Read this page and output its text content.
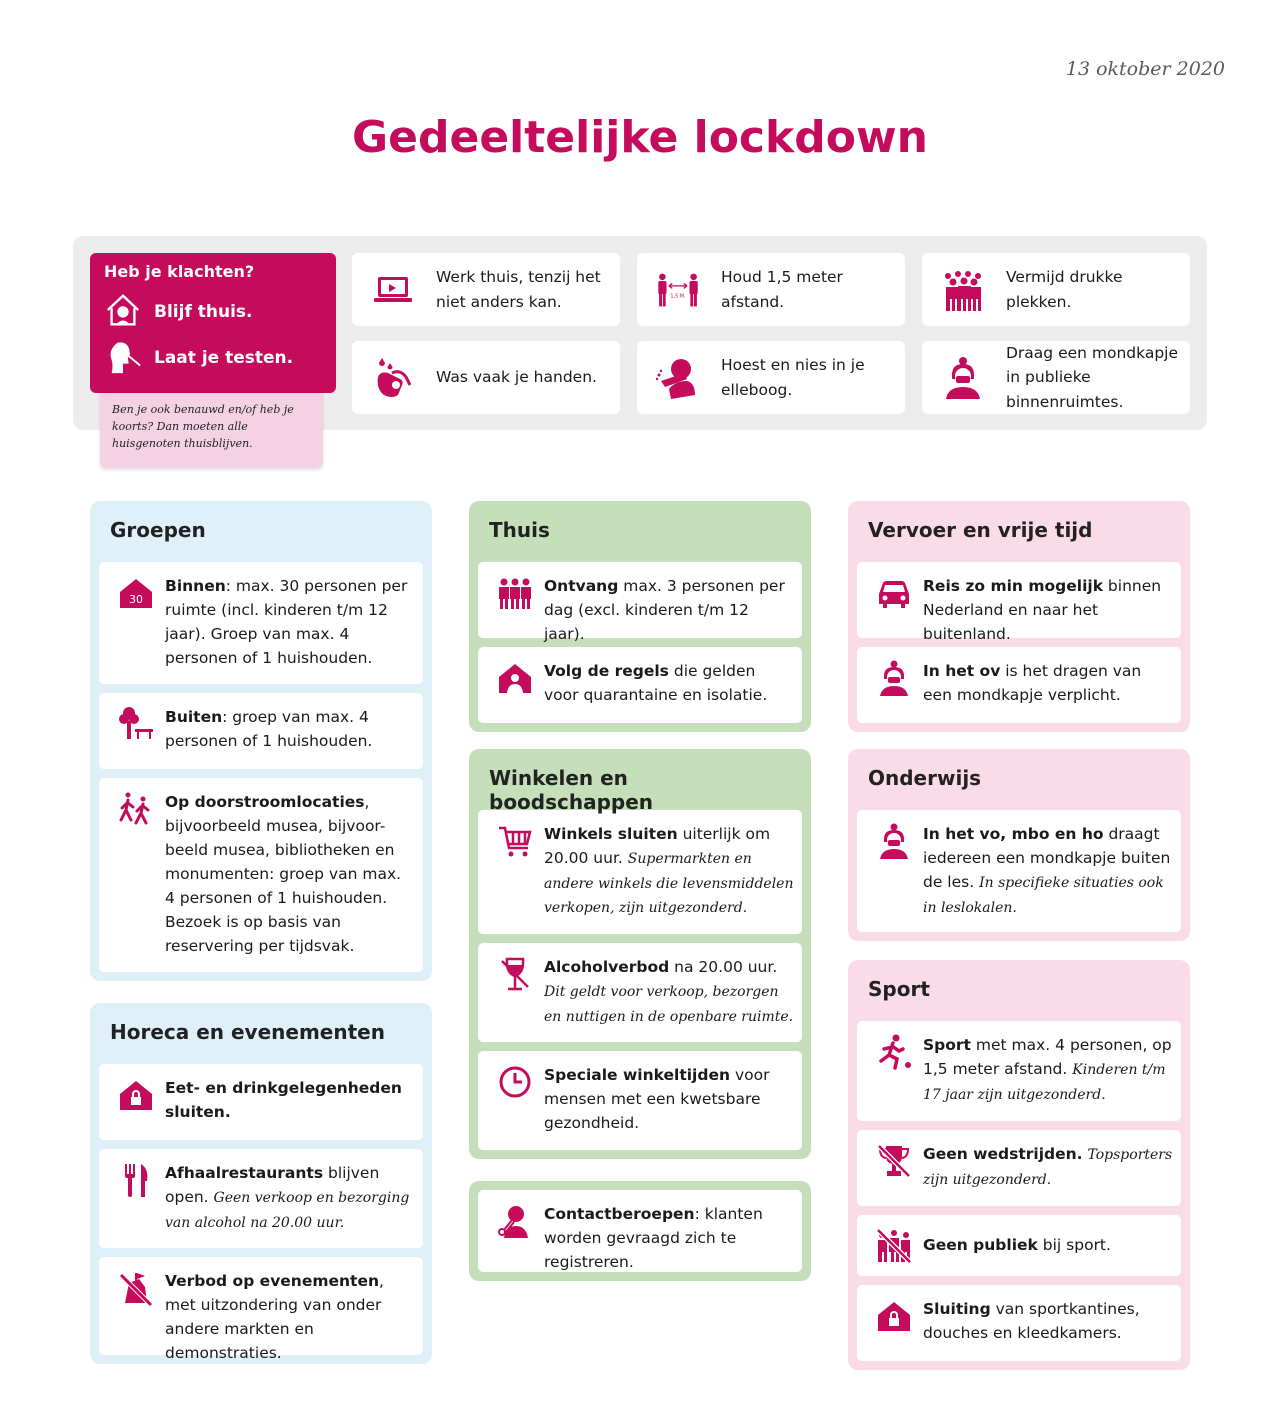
13 oktober 2020
Gedeeltelijke lockdown
Heb je klachten?
Blijf thuis.
Laat je testen.
Ben je ook benauwd en/of heb je koorts? Dan moeten alle huisgenoten thuisblijven.
Werk thuis, tenzij het niet anders kan.	1,5 M.
Houd 1,5 meter afstand.
Vermijd drukke plekken.
Was vaak je handen.
Hoest en nies in je elleboog.
Draag een mondkapje in publieke binnenruimtes.
Groepen
30
Binnen: max. 30 personen per ruimte (incl. kinderen t/m 12 jaar). Groep van max. 4 personen of 1 huishouden.
Buiten: groep van max. 4 personen of 1 huishouden.
Op doorstroomlocaties, bijvoorbeeld musea, bijvoor-beeld musea, bibliotheken en monumenten: groep van max. 4 personen of 1 huishouden. Bezoek is op basis van reservering per tijdsvak.
Horeca en evenementen
Eet- en drinkgelegenheden sluiten.
Afhaalrestaurants blijven open. Geen verkoop en bezorging van alcohol na 20.00 uur.
Verbod op evenementen, met uitzondering van onder andere markten en demonstraties.
Thuis
Ontvang max. 3 personen per dag (excl. kinderen t/m 12 jaar).
Volg de regels die gelden voor quarantaine en isolatie.
Winkelen en boodschappen
Winkels sluiten uiterlijk om 20.00 uur. Supermarkten en andere winkels die levensmiddelen verkopen, zijn uitgezonderd.
Alcoholverbod na 20.00 uur. Dit geldt voor verkoop, bezorgen en nuttigen in de openbare ruimte.
Speciale winkeltijden voor mensen met een kwetsbare gezondheid.
Contactberoepen: klanten worden gevraagd zich te registreren.
Vervoer en vrije tijd
Reis zo min mogelijk binnen Nederland en naar het buitenland.
In het ov is het dragen van een mondkapje verplicht.
Onderwijs
In het vo, mbo en ho draagt iedereen een mondkapje buiten de les. In specifieke situaties ook in leslokalen.
Sport
Sport met max. 4 personen, op 1,5 meter afstand. Kinderen t/m 17 jaar zijn uitgezonderd.
Geen wedstrijden. Topsporters zijn uitgezonderd.
Geen publiek bij sport.
Sluiting van sportkantines, douches en kleedkamers.
